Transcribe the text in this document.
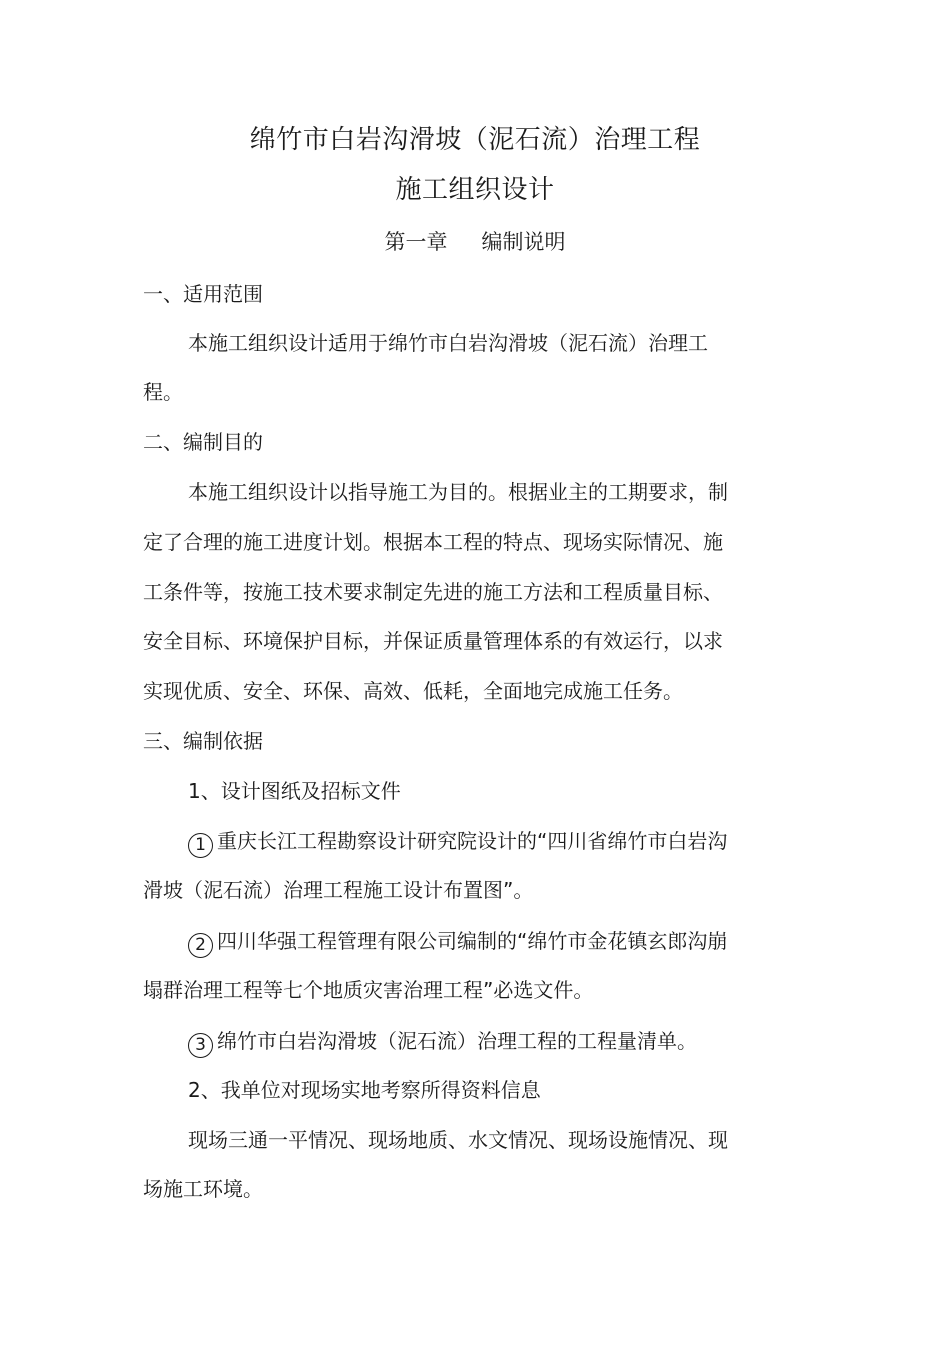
绵竹市白岩沟滑坡（泥石流）治理工程
施工组织设计
第一章 编制说明
一、适用范围
本施工组织设计适用于绵竹市白岩沟滑坡（泥石流）治理工
程。
二、编制目的
本施工组织设计以指导施工为目的。根据业主的工期要求，制
定了合理的施工进度计划。根据本工程的特点、现场实际情况、施
工条件等，按施工技术要求制定先进的施工方法和工程质量目标、
安全目标、环境保护目标，并保证质量管理体系的有效运行，以求
实现优质、安全、环保、高效、低耗，全面地完成施工任务。
三、编制依据
1、设计图纸及招标文件
1 重庆长江工程勘察设计研究院设计的“四川省绵竹市白岩沟
滑坡（泥石流）治理工程施工设计布置图”。
2 四川华强工程管理有限公司编制的“绵竹市金花镇玄郎沟崩
塌群治理工程等七个地质灾害治理工程”必选文件。
3 绵竹市白岩沟滑坡（泥石流）治理工程的工程量清单。
2、我单位对现场实地考察所得资料信息
现场三通一平情况、现场地质、水文情况、现场设施情况、现
场施工环境。
